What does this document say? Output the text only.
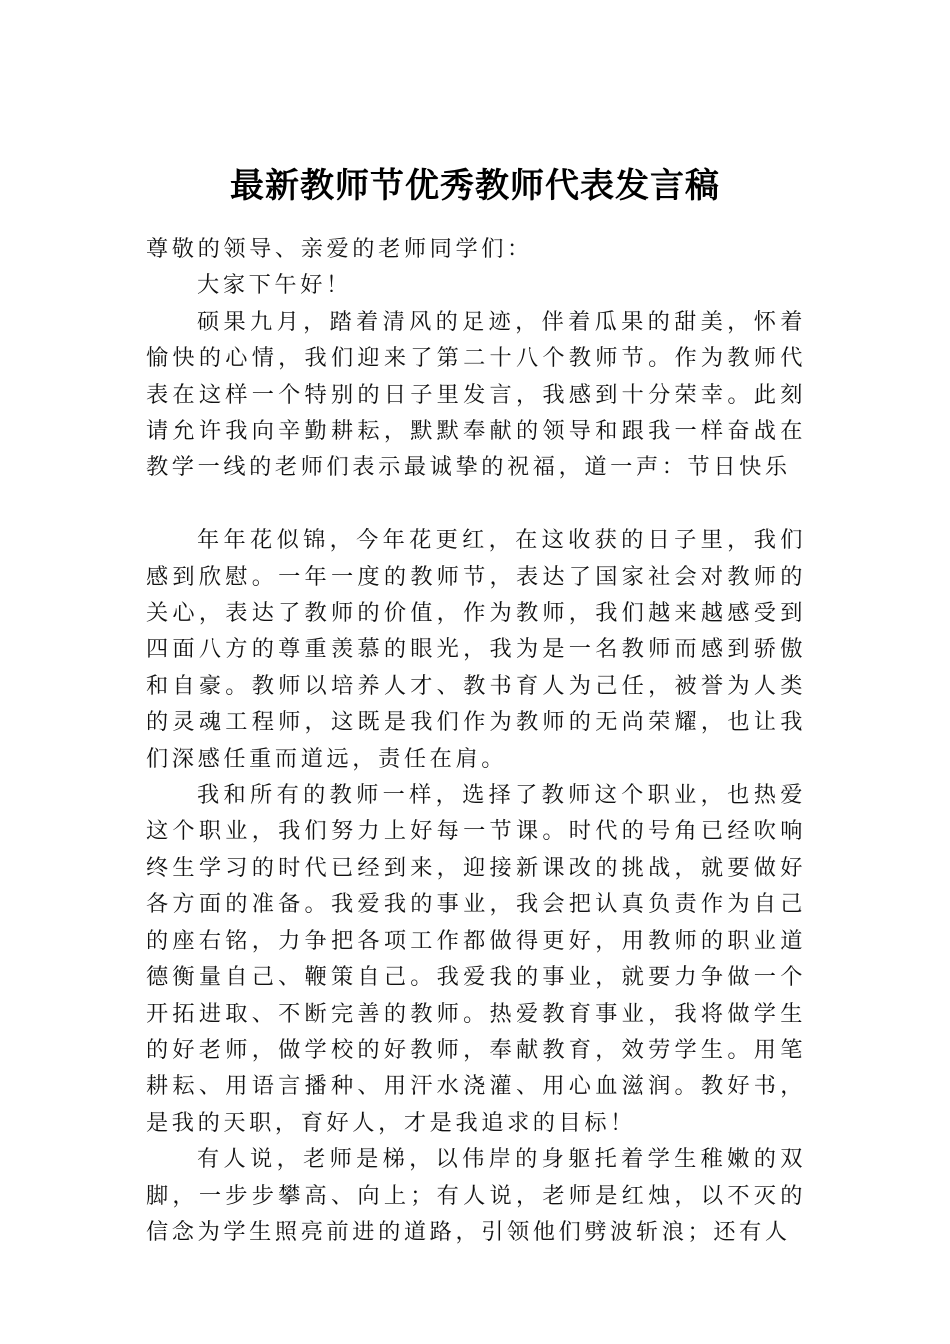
最新教师节优秀教师代表发言稿

尊敬的领导、亲爱的老师同学们：

大家下午好！

硕果九月，踏着清风的足迹，伴着瓜果的甜美，怀着愉快的心情，我们迎来了第二十八个教师节。作为教师代表在这样一个特别的日子里发言，我感到十分荣幸。此刻请允许我向辛勤耕耘，默默奉献的领导和跟我一样奋战在教学一线的老师们表示最诚挚的祝福，道一声：节日快乐

年年花似锦，今年花更红，在这收获的日子里，我们感到欣慰。一年一度的教师节，表达了国家社会对教师的关心，表达了教师的价值，作为教师，我们越来越感受到四面八方的尊重羡慕的眼光，我为是一名教师而感到骄傲和自豪。教师以培养人才、教书育人为己任，被誉为人类的灵魂工程师，这既是我们作为教师的无尚荣耀，也让我们深感任重而道远，责任在肩。

我和所有的教师一样，选择了教师这个职业，也热爱这个职业，我们努力上好每一节课。时代的号角已经吹响终生学习的时代已经到来，迎接新课改的挑战，就要做好各方面的准备。我爱我的事业，我会把认真负责作为自己的座右铭，力争把各项工作都做得更好，用教师的职业道德衡量自己、鞭策自己。我爱我的事业，就要力争做一个开拓进取、不断完善的教师。热爱教育事业，我将做学生的好老师，做学校的好教师，奉献教育，效劳学生。用笔耕耘、用语言播种、用汗水浇灌、用心血滋润。教好书，是我的天职，育好人，才是我追求的目标！

有人说，老师是梯，以伟岸的身躯托着学生稚嫩的双脚，一步步攀高、向上；有人说，老师是红烛，以不灭的信念为学生照亮前进的道路，引领他们劈波斩浪；还有人
